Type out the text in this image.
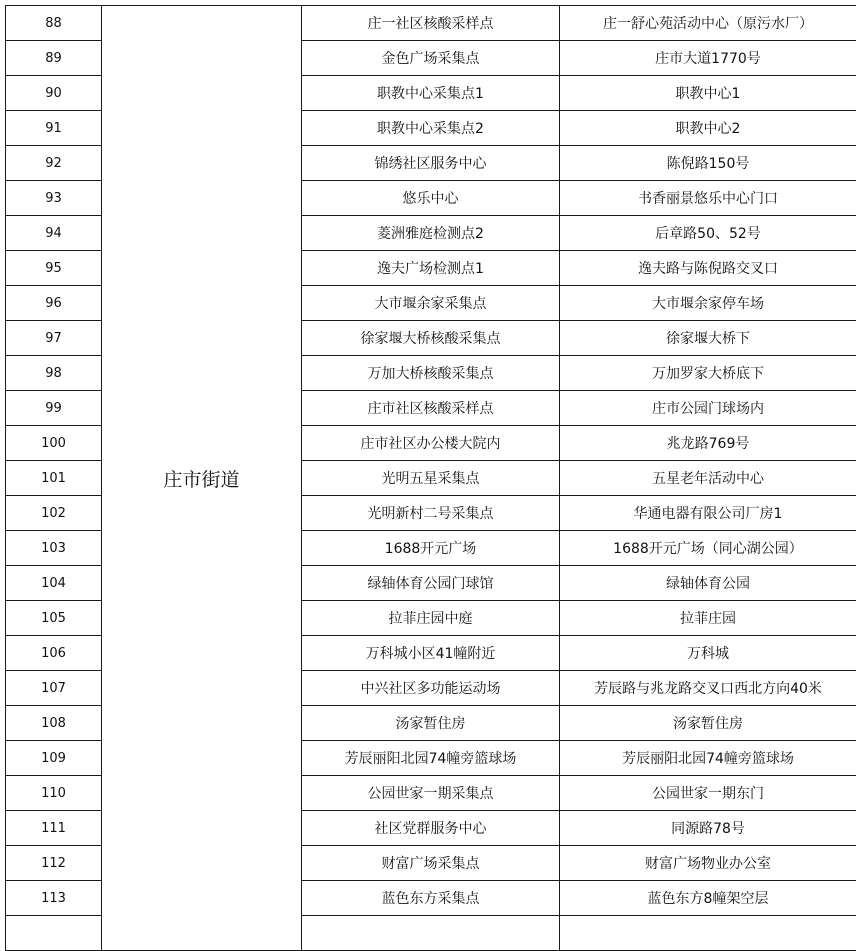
88	庄市街道	庄一社区核酸采样点	庄一舒心苑活动中心（原污水厂）
89		金色广场采集点	庄市大道1770号
90		职教中心采集点1	职教中心1
91		职教中心采集点2	职教中心2
92		锦绣社区服务中心	陈倪路150号
93		悠乐中心	书香丽景悠乐中心门口
94		菱洲雅庭检测点2	后章路50、52号
95		逸夫广场检测点1	逸夫路与陈倪路交叉口
96		大市堰余家采集点	大市堰余家停车场
97		徐家堰大桥核酸采集点	徐家堰大桥下
98		万加大桥核酸采集点	万加罗家大桥底下
99		庄市社区核酸采样点	庄市公园门球场内
100		庄市社区办公楼大院内	兆龙路769号
101		光明五星采集点	五星老年活动中心
102		光明新村二号采集点	华通电器有限公司厂房1
103		1688开元广场	1688开元广场（同心湖公园）
104		绿轴体育公园门球馆	绿轴体育公园
105		拉菲庄园中庭	拉菲庄园
106		万科城小区41幢附近	万科城
107		中兴社区多功能运动场	芳辰路与兆龙路交叉口西北方向40米
108		汤家暂住房	汤家暂住房
109		芳辰丽阳北园74幢旁篮球场	芳辰丽阳北园74幢旁篮球场
110		公园世家一期采集点	公园世家一期东门
111		社区党群服务中心	同源路78号
112		财富广场采集点	财富广场物业办公室
113		蓝色东方采集点	蓝色东方8幢架空层
